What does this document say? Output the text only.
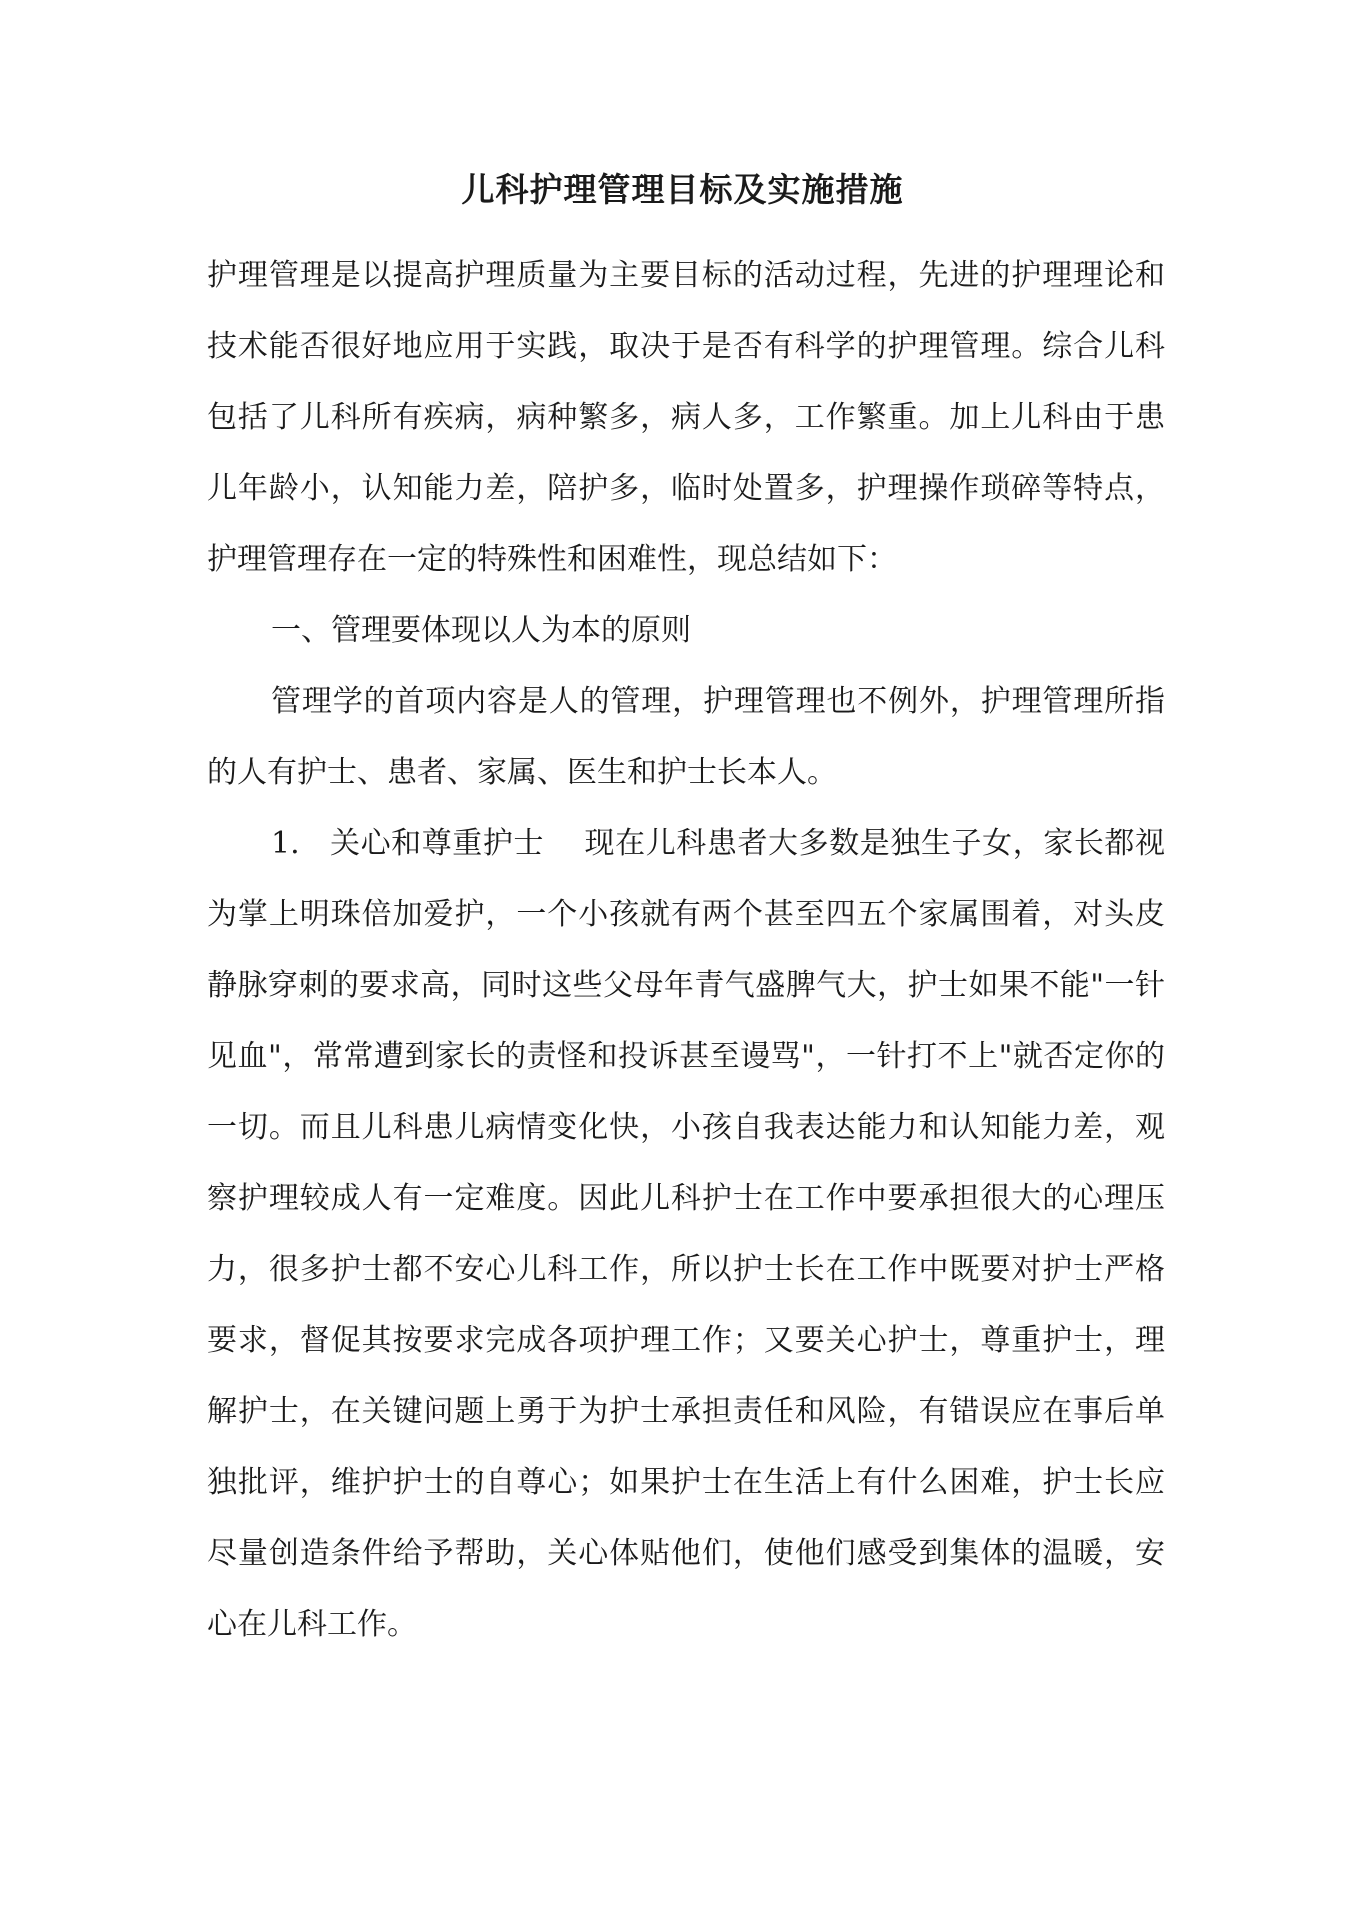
儿科护理管理目标及实施措施

护理管理是以提高护理质量为主要目标的活动过程，先进的护理理论和技术能否很好地应用于实践，取决于是否有科学的护理管理。综合儿科包括了儿科所有疾病，病种繁多，病人多，工作繁重。加上儿科由于患儿年龄小，认知能力差，陪护多，临时处置多，护理操作琐碎等特点，护理管理存在一定的特殊性和困难性，现总结如下：

一、管理要体现以人为本的原则

管理学的首项内容是人的管理，护理管理也不例外，护理管理所指的人有护士、患者、家属、医生和护士长本人。

1. 关心和尊重护士 现在儿科患者大多数是独生子女，家长都视为掌上明珠倍加爱护，一个小孩就有两个甚至四五个家属围着，对头皮静脉穿刺的要求高，同时这些父母年青气盛脾气大，护士如果不能"一针见血"，常常遭到家长的责怪和投诉甚至谩骂"，一针打不上"就否定你的一切。而且儿科患儿病情变化快，小孩自我表达能力和认知能力差，观察护理较成人有一定难度。因此儿科护士在工作中要承担很大的心理压力，很多护士都不安心儿科工作，所以护士长在工作中既要对护士严格要求，督促其按要求完成各项护理工作；又要关心护士，尊重护士，理解护士，在关键问题上勇于为护士承担责任和风险，有错误应在事后单独批评，维护护士的自尊心；如果护士在生活上有什么困难，护士长应尽量创造条件给予帮助，关心体贴他们，使他们感受到集体的温暖，安心在儿科工作。
